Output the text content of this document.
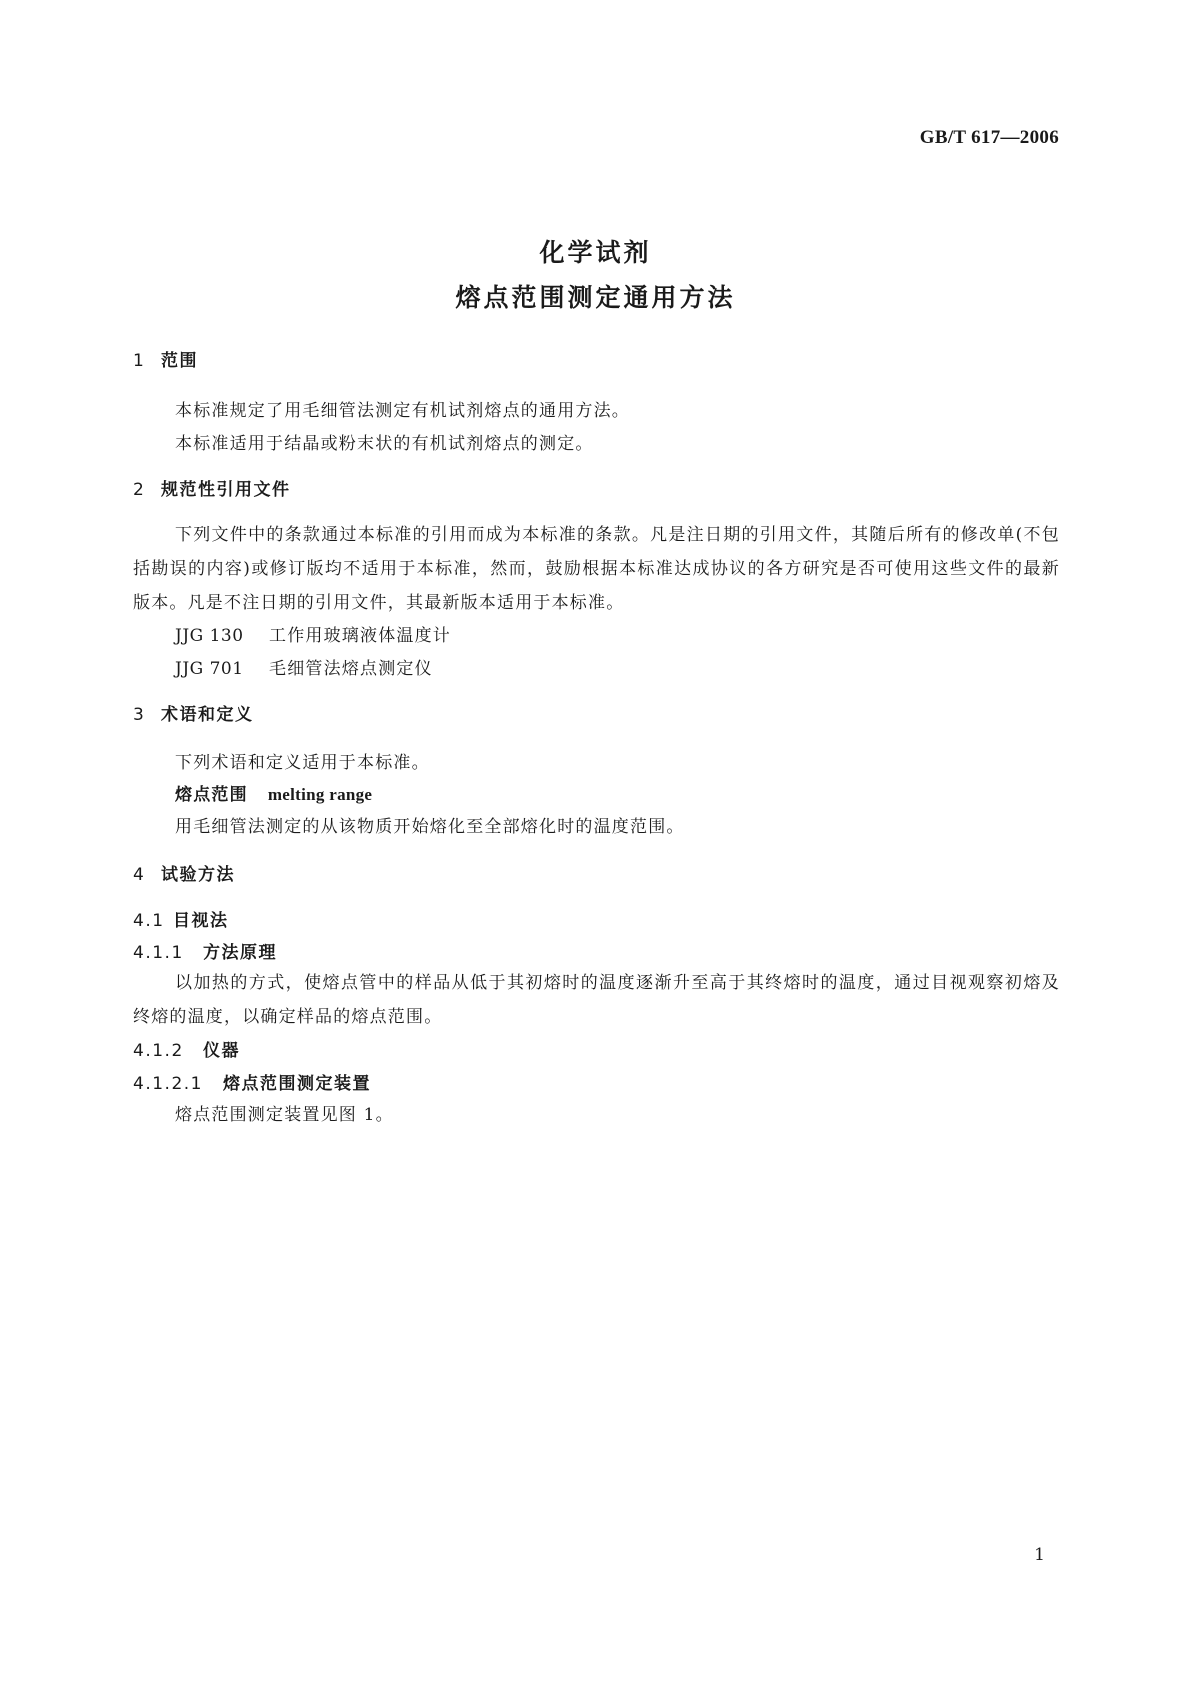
GB/T 617—2006
化学试剂
熔点范围测定通用方法
1 范围
本标准规定了用毛细管法测定有机试剂熔点的通用方法。
本标准适用于结晶或粉末状的有机试剂熔点的测定。
2 规范性引用文件
下列文件中的条款通过本标准的引用而成为本标准的条款。凡是注日期的引用文件，其随后所有的修改单(不包括勘误的内容)或修订版均不适用于本标准，然而，鼓励根据本标准达成协议的各方研究是否可使用这些文件的最新版本。凡是不注日期的引用文件，其最新版本适用于本标准。
JJG 130 工作用玻璃液体温度计
JJG 701 毛细管法熔点测定仪
3 术语和定义
下列术语和定义适用于本标准。
熔点范围 melting range
用毛细管法测定的从该物质开始熔化至全部熔化时的温度范围。
4 试验方法
4.1 目视法
4.1.1 方法原理
以加热的方式，使熔点管中的样品从低于其初熔时的温度逐渐升至高于其终熔时的温度，通过目视观察初熔及终熔的温度，以确定样品的熔点范围。
4.1.2 仪器
4.1.2.1 熔点范围测定装置
熔点范围测定装置见图 1。
1
